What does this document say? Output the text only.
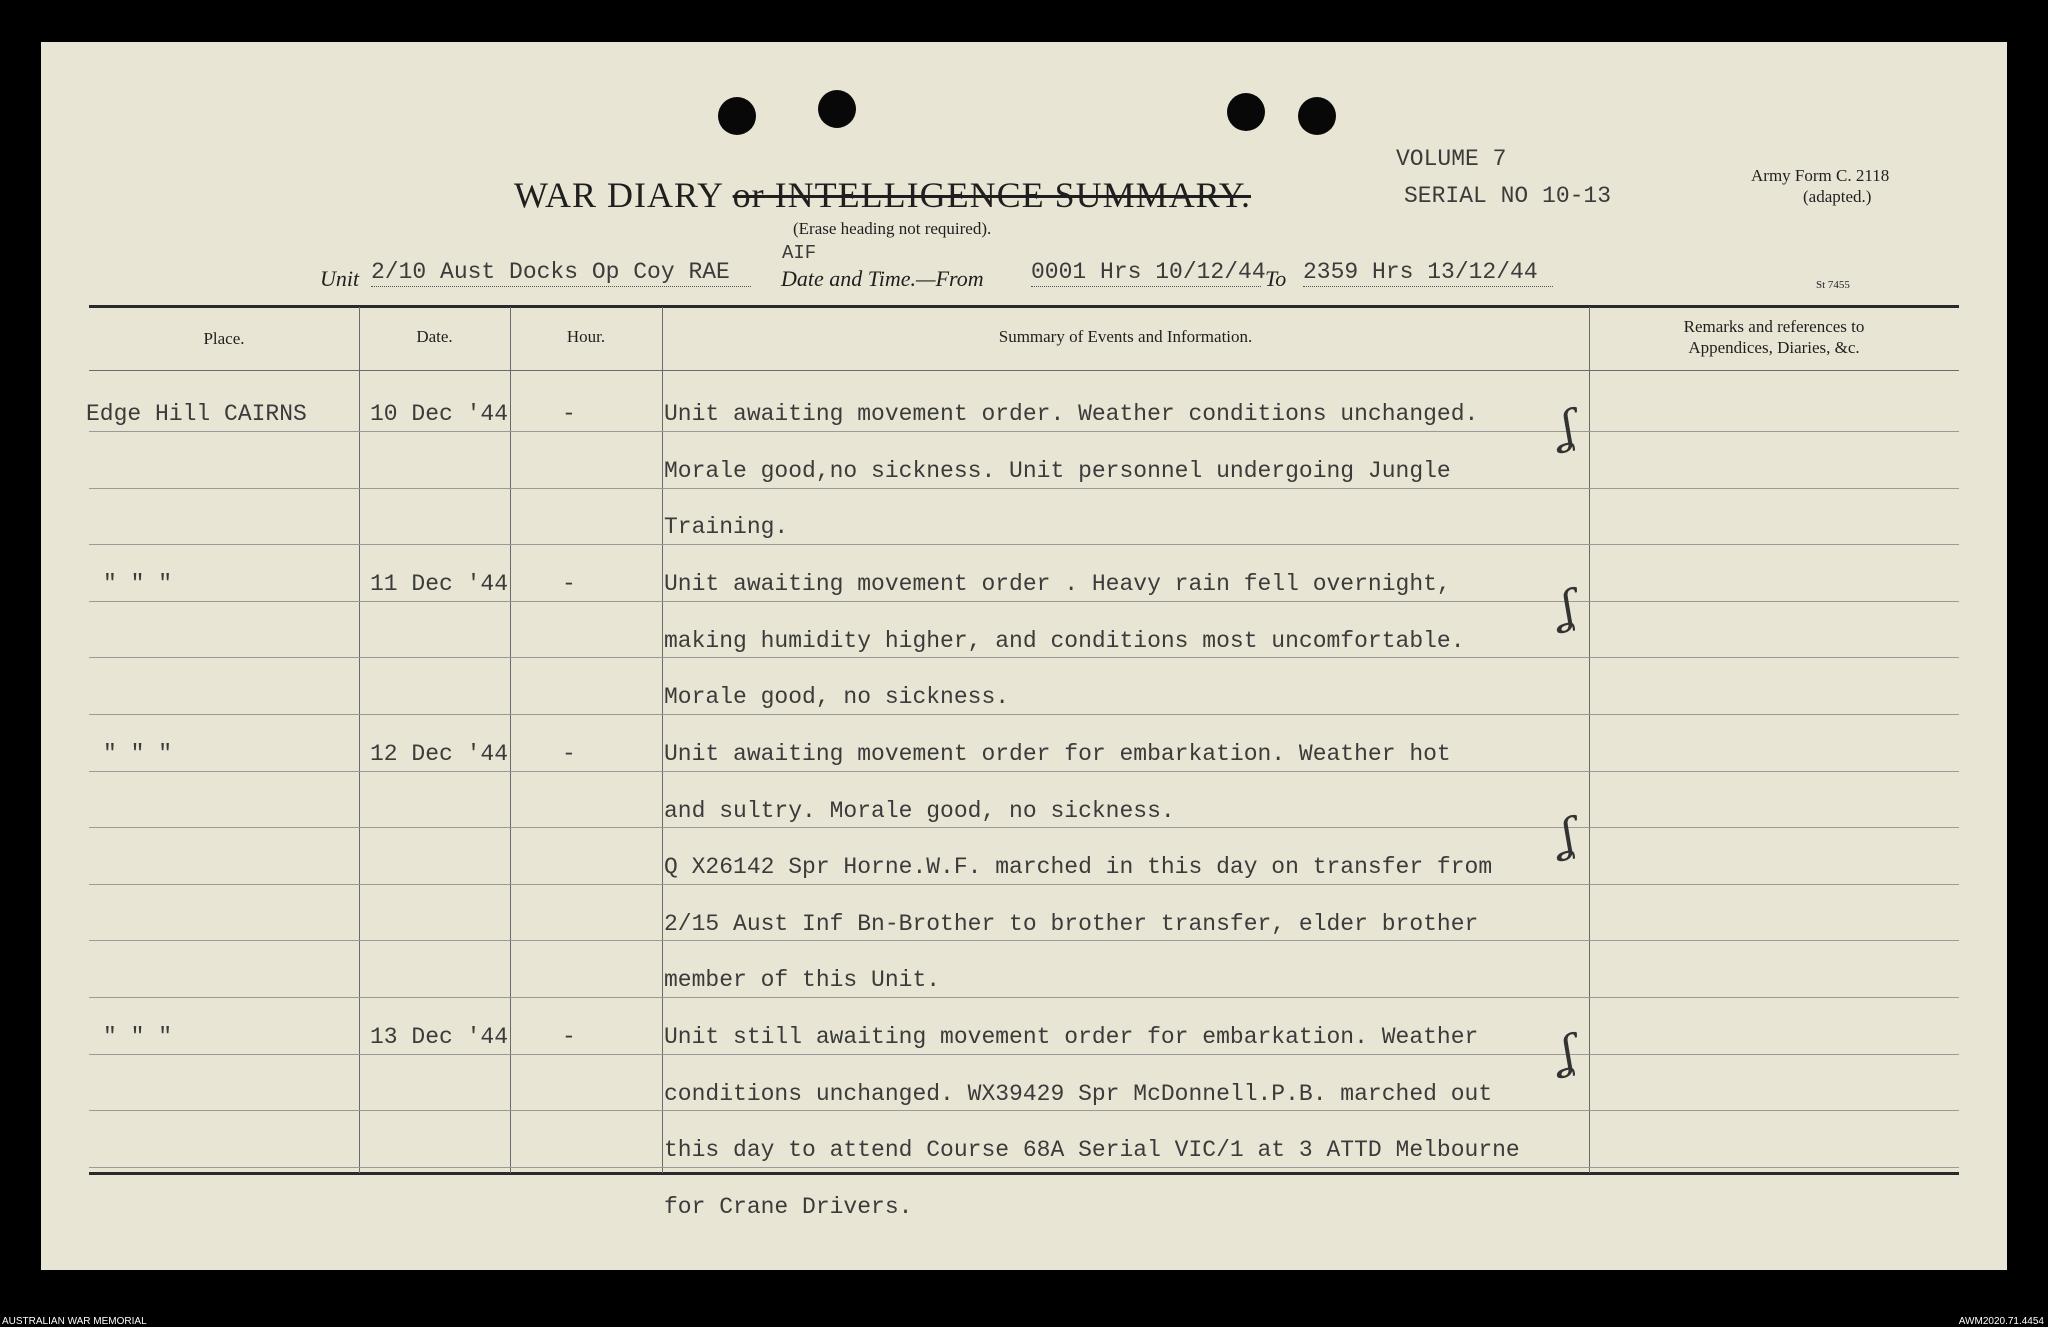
WAR DIARY or INTELLIGENCE SUMMARY.
(Erase heading not required).
VOLUME 7
SERIAL NO 10-13
Army Form C. 2118
(adapted.)
St 7455
Unit 2/10 Aust Docks Op Coy RAE
AIF
Date and Time.—From 0001 Hrs 10/12/44 To 2359 Hrs 13/12/44
Place.	Date.	Hour.	Summary of Events and Information.
Remarks and references to
Appendices, Diaries, &c.
Edge Hill CAIRNS	10 Dec '44 -	Unit awaiting movement order. Weather conditions unchanged.
Morale good,no sickness. Unit personnel undergoing Jungle
Training.
" " "	11 Dec '44 -	Unit awaiting movement order . Heavy rain fell overnight,
making humidity higher, and conditions most uncomfortable.
Morale good, no sickness.
" " "	12 Dec '44 -	Unit awaiting movement order for embarkation. Weather hot
and sultry. Morale good, no sickness.
Q X26142 Spr Horne.W.F. marched in this day on transfer from
2/15 Aust Inf Bn-Brother to brother transfer, elder brother
member of this Unit.
" " "	13 Dec '44 -	Unit still awaiting movement order for embarkation. Weather
conditions unchanged. WX39429 Spr McDonnell.P.B. marched out
this day to attend Course 68A Serial VIC/1 at 3 ATTD Melbourne
for Crane Drivers.
ʆ
ʆ
ʆ
ʆ
AUSTRALIAN WAR MEMORIAL	AWM2020.71.4454
